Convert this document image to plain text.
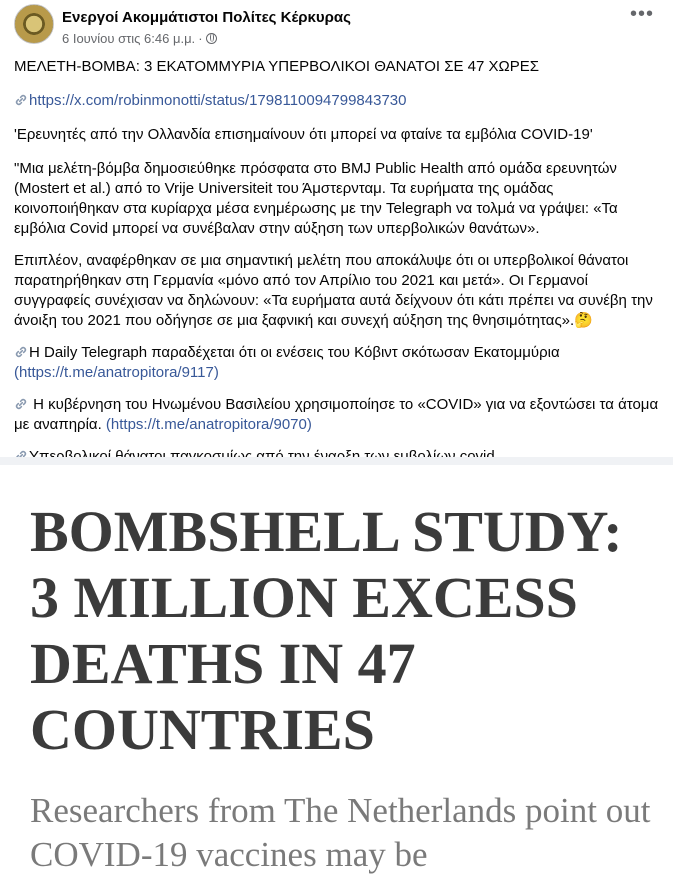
Ενεργοί Ακομμάτιστοι Πολίτες Κέρκυρας
6 Ιουνίου στις 6:46 μ.μ. ·
•••

ΜΕΛΕΤΗ-ΒΟΜΒΑ: 3 ΕΚΑΤΟΜΜΥΡΙΑ ΥΠΕΡΒΟΛΙΚΟΙ ΘΑΝΑΤΟΙ ΣΕ 47 ΧΩΡΕΣ

https://x.com/robinmonotti/status/1798110094799843730

'Ερευνητές από την Ολλανδία επισημαίνουν ότι μπορεί να φταίνε τα εμβόλια COVID-19'

"Μια μελέτη-βόμβα δημοσιεύθηκε πρόσφατα στο BMJ Public Health από ομάδα ερευνητών (Mostert et al.) από το Vrije Universiteit του Άμστερνταμ. Τα ευρήματα της ομάδας κοινοποιήθηκαν στα κυρίαρχα μέσα ενημέρωσης με την Telegraph να τολμά να γράψει: «Τα εμβόλια Covid μπορεί να συνέβαλαν στην αύξηση των υπερβολικών θανάτων».

Επιπλέον, αναφέρθηκαν σε μια σημαντική μελέτη που αποκάλυψε ότι οι υπερβολικοί θάνατοι παρατηρήθηκαν στη Γερμανία «μόνο από τον Απρίλιο του 2021 και μετά». Οι Γερμανοί συγγραφείς συνέχισαν να δηλώνουν: «Τα ευρήματα αυτά δείχνουν ότι κάτι πρέπει να συνέβη την άνοιξη του 2021 που οδήγησε σε μια ξαφνική και συνεχή αύξηση της θνησιμότητας».🤔

Η Daily Telegraph παραδέχεται ότι οι ενέσεις του Κόβιντ σκότωσαν Εκατομμύρια (https://t.me/anatropitora/9117)

Η κυβέρνηση του Ηνωμένου Βασιλείου χρησιμοποίησε το «COVID» για να εξοντώσει τα άτομα με αναπηρία. (https://t.me/anatropitora/9070)

BOMBSHELL STUDY: 3 MILLION EXCESS DEATHS IN 47 COUNTRIES
Researchers from The Netherlands point out COVID-19 vaccines may be
